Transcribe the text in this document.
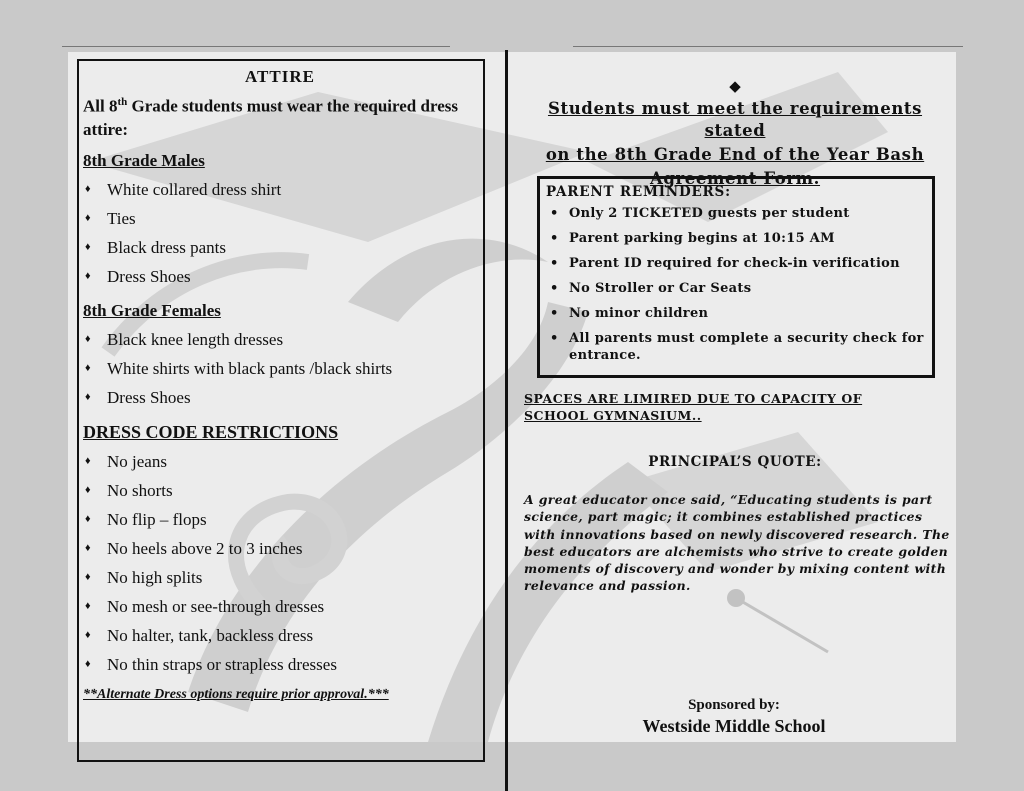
ATTIRE

All 8th Grade students must wear the required dress attire:

8th Grade Males
♦ White collared dress shirt
♦ Ties
♦ Black dress pants
♦ Dress Shoes
8th Grade Females
♦ Black knee length dresses
♦ White shirts with black pants /black shirts
♦ Dress Shoes
DRESS CODE RESTRICTIONS
♦ No jeans
♦ No shorts
♦ No flip – flops
♦ No heels above 2 to 3 inches
♦ No high splits
♦ No mesh or see-through dresses
♦ No halter, tank, backless dress
♦ No thin straps or strapless dresses
**Alternate Dress options require prior approval.***
◆
Students must meet the requirements stated
on the 8th Grade End of the Year Bash
Agreement Form.
PARENT REMINDERS:
• Only 2 TICKETED guests per student
• Parent parking begins at 10:15 AM
• Parent ID required for check-in verification
• No Stroller or Car Seats
• No minor children
• All parents must complete a security check for entrance.
SPACES ARE LIMIRED DUE TO CAPACITY OF SCHOOL GYMNASIUM..
PRINCIPAL’S QUOTE:
A great educator once said, “Educating students is part science, part magic; it combines established practices with innovations based on newly discovered research. The best educators are alchemists who strive to create golden moments of discovery and wonder by mixing content with relevance and passion.
Sponsored by:
Westside Middle School
